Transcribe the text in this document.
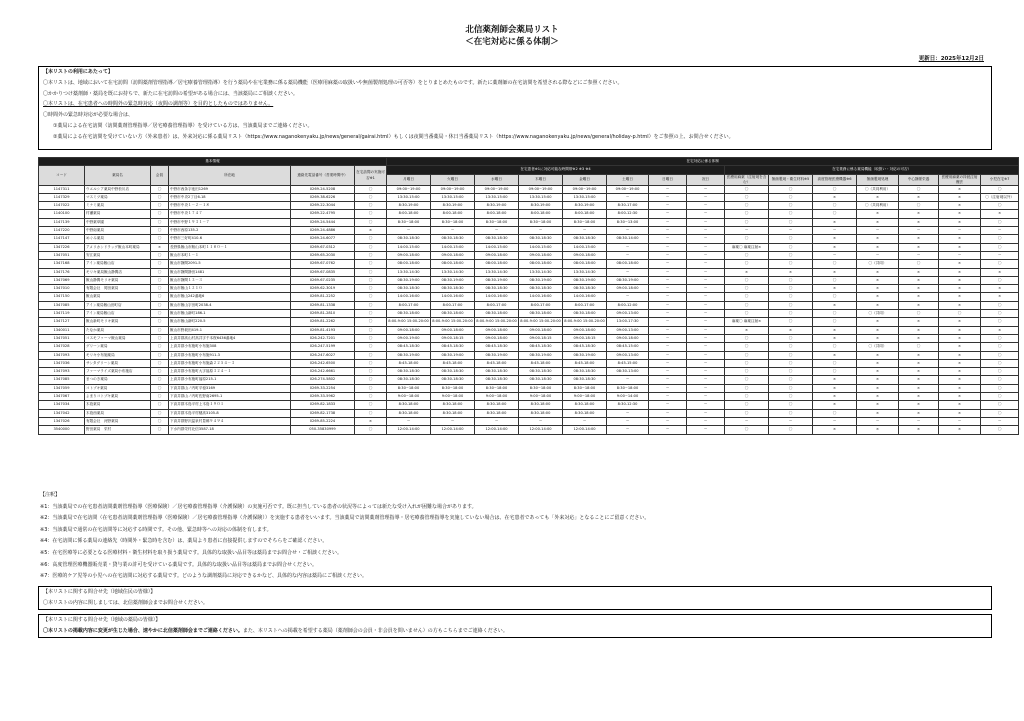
北信薬剤師会薬局リスト
＜在宅対応に係る体制＞
更新日：2025年12月2日
【本リストの利用にあたって】
〇本リストは、地域において在宅訪問（訪問薬剤管理指導／居宅療養管理指導）を行う薬局や在宅業務に係る薬局機能（医療用麻薬の取扱いや無菌製剤処理の可否等）をとりまとめたものです。新たに薬剤師の在宅訪問を希望される際などにご参照ください。
〇かかりつけ薬剤師・薬局を既にお持ちで、新たに在宅訪問の希望がある場合には、当該薬局にご相談ください。
〇本リストは、在宅患者への時間外の緊急時対応（夜間の調剤等）を目的としたものではありません。
〇時間外の緊急時対応が必要な場合は、
①薬局による在宅訪問（訪問薬剤管理指導／居宅療養管理指導）を受けている方は、当該薬局までご連絡ください。
②薬局による在宅訪問を受けていない方（外来患者）は、外来対応に係る薬局リスト（https://www.naganokenyaku.jp/news/general/gairai.html）もしくは夜間当番薬局・休日当番薬局リスト（https://www.naganokenyaku.jp/news/general/holiday-p.html）をご参照の上、お問合せください。
基本情報						在宅対応に係る体制														
コード	薬局名	会員	所在地	連絡先電話番号（営業時間中）	在宅訪問の実施可否※1	在宅患者※1に対応可能な時間帯※2 ※3 ※4								在宅業務に係る薬局機能（取扱い・対応の可否）						
						月曜日	火曜日	水曜日	木曜日	金曜日	土曜日	日曜日	祝日	医療用麻薬（注射剤を含む）	無菌製剤・衛生材料※5	高度管理医療機器※6	無菌製剤処理	中心静脈栄養	医療用麻薬の持続注射療法	小児在宅※7
1147311	ウエルシア薬局中野松川店	〇	中野市西条字池田1269	0269-24-5208	〇	09:00~19:00	09:00~19:00	09:00~19:00	09:00~19:00	09:00~19:00	09:00~19:00	ー	ー	〇	〇	〇	〇（共同利用）	〇	×	〇
1147329	マスミツ薬局	〇	中野市中央2丁目6-18	0269-38-6226	〇	13:30-15:00	13:30-15:00	13:30-15:00	13:30-15:00	13:30-15:00	ー	ー	ー	〇	〇	×	×	×	×	〇（注射剤以外）
1147022	ミナミ薬局	〇	中野市中央１－２－１８	0269-22-3044	〇	8:30-19:00	8:30-19:00	8:30-19:00	8:30-19:00	8:30-19:00	8:30-17:00	ー	ー	〇	〇	〇	〇（共同利用）	〇	×	〇
1140100	村瀬薬局	〇	中野市中央１７４７	0269-22-4795	〇	8:00-18:00	8:00-18:00	8:00-18:00	8:00-18:00	8:00-18:00	8:00-12:30	ー	ー	〇	〇	〇	×	×	×	×
1147139	中野薬草園	〇	中野市中野１９３１－７	0269-24-5444	〇	8:30~18:00	8:30~18:00	8:30~18:00	8:30~18:00	8:30~18:00	8:30~13:00	ー	ー	〇	〇	×	×	×	×	〇
1147220	中野南薬局	〇	中野市西原135-2	0269-24-4886	×	ー	ー	ー	ー	ー	ー	ー	ー	ー	ー	ー	ー	ー	ー	ー
1147147	めぐみ薬局	〇	中野市三好町410-6	0269-24-6077	〇	08:30-18:30	08:30-18:30	08:30-18:30	08:30-18:30	08:30-18:30	08:30-14:00	ー	ー	〇	〇	×	×	×	×	〇
1347226	アメリカンドラッグ飯山本町薬局	×	長野県飯山市飯山本町１１８０－１	0269-67-0312	〇	14:00-15:00	14:00-15:00	14:00-15:00	14:00-15:00	14:00-15:00	ー	ー	ー	麻薬〇 麻薬注射×	〇	×	×	×	×	〇
1347051	安江薬局	〇	飯山市本町１－１	0269-65-2030	〇	09:00-18:00	09:00-18:00	09:00-18:00	09:00-18:00	09:00-18:00	ー	ー	ー	〇	〇	ー	ー	ー	ー	ー
1347168	アイン薬局飯山店	〇	飯山市静間2091-5	0269-67-0762	〇	08:00-18:00	08:00-18:00	08:00-18:00	08:00-18:00	08:00-18:00	08:00-18:00	ー	ー	〇	〇	〇	〇（共同）	〇	×	〇
1347176	モリキ薬局飯山静間店	〇	飯山市静間静田1481	0269-67-0835	〇	13:30-14:30	13:30-14:30	13:30-14:30	13:30-14:30	13:30-14:30	ー	ー	ー	×	×	×	×	×	×	×
1347069	飯山静間モリキ薬局	〇	飯山市静間１３－３	0269-67-0235	〇	08:30-19:00	08:30-19:00	08:30-19:00	08:30-19:00	08:30-19:00	08:30-19:00	ー	ー	〇	〇	〇	×	×	×	〇
1347010	有限会社　岡田薬局	〇	飯山市飯山１２１０	0269-62-3019	〇	08:30-18:30	08:30-18:30	08:30-18:30	08:30-18:30	08:30-18:30	09:00-18:00	ー	ー	〇	〇	×	×	×	×	×
1347150	飯山薬局	〇	飯山市飯山242番地6	0269-81-2252	〇	14:00-16:00	14:00-16:00	14:00-16:00	14:00-16:00	14:00-16:00	ー	ー	ー	〇	〇	〇	×	×	×	×
1347085	アイン薬局飯山田町店	〇	飯山市飯山字田町2038-4	0269-81-1338	〇	8:00-17:00	8:00-17:00	8:00-17:00	8:00-17:00	8:00-17:00	8:00-12:00	ー	ー	〇	〇	×	×	×	×	〇
1347119	アイン薬局飯山店	〇	飯山市飯山新町186-1	0269-81-2810	〇	08:30-18:00	08:30-18:00	08:30-18:00	08:30-18:00	08:30-18:00	09:00-13:00	ー	ー	〇	〇	〇	〇（共同）	〇	〇	〇
1347127	飯山新町モリキ薬局	〇	飯山市飯山新町220-5	0269-81-2262	〇	8:00-9:00 15:00-20:00	8:00-9:00 15:00-20:00	8:00-9:00 15:00-20:00	8:00-9:00 15:00-20:00	8:00-9:00 15:00-20:00	13:00-17:30	ー	ー	麻薬〇 麻薬注射×	〇	〇	×	×	×	〇
1340011	たなか薬局	〇	飯山市野坂田419-1	0269-81-4193	〇	09:00-18:00	09:00-18:00	09:00-18:00	09:00-18:00	09:00-18:00	09:00-13:00	ー	ー	×	×	×	×	×	×	×
1347051	コスモファーマ飯山薬局	〇	上高井郡高山村高井字千本桜6436番地4	026-242-7201	〇	09:00-19:00	09:00-18:15	09:00-18:00	09:00-18:15	09:00-18:15	09:00-18:00	ー	ー	〇	〇	×	×	×	×	〇
1347028	グリーン薬局	〇	上高井郡小布施町小布施308	026-247-5199	〇	08:45-18:30	08:45-18:30	08:45-18:30	08:45-18:30	08:45-18:30	08:45-15:00	ー	ー	〇	〇	〇	〇（共同）	〇	×	〇
1347093	モリキ小布施薬局	〇	上高井郡小布施町小布施911-3	026-247-6027	〇	08:30-19:00	08:30-19:00	08:30-19:00	08:30-19:00	08:30-19:00	09:00-13:00	ー	ー	〇	〇	×	×	×	×	〇
1347036	サンタグリーン薬局	〇	上高井郡小布施町小布施森２２５４－３	026-242-6500	〇	8:45-18:00	8:45-18:00	8:45-18:00	8:45-18:00	8:45-18:00	8:45-15:00	ー	ー	〇	〇	〇	×	×	×	〇
1347093	ファーマライズ薬局小布施店	〇	上高井郡小布施町大字福原３２４－１	026-242-6661	〇	08:30-18:30	08:30-18:30	08:30-18:30	08:30-18:30	08:30-18:30	08:30-13:00	ー	ー	〇	〇	〇	×	×	×	〇
1347085	まつのき薬局	〇	上高井郡小布施町福原215-1	026-274-5802	〇	08:30-18:30	08:30-18:30	08:30-18:30	08:30-18:30	08:30-18:30	ー	ー	ー	〇	〇	×	×	×	×	〇
1347059	コトブキ薬局	〇	下高井郡山ノ内町平穏3169	0269-33-2254	〇	8:30~18:00	8:30~18:00	8:30~18:00	8:30~18:00	8:30~18:00	8:30~18:00	ー	ー	〇	〇	×	×	×	×	〇
1347067	よまりコトブキ薬局	〇	下高井郡山ノ内町佐野南2695-1	0269-33-5962	〇	9:00~18:00	9:00~18:00	9:00~18:00	9:00~18:00	9:00~18:00	9:00~14:00	ー	ー	〇	〇	×	×	×	×	〇
1347034	木島薬局	〇	下高井郡木島平村上木島１９０１	0269-82-1833	〇	8:30-18:00	8:30-18:00	8:30-18:00	8:30-18:00	8:30-18:00	8:30-12:30	ー	ー	〇	〇	×	×	×	×	〇
1347042	木島西薬局	〇	下高井郡木島平村穂高3105-8	0269-82-1738	〇	8:30-18:00	8:30-18:00	8:30-18:00	8:30-18:00	8:30-18:00	ー	ー	ー	〇	〇	〇	×	×	×	〇
1347026	有限会社　河野薬局	〇	下高井郡野沢温泉村豊郷９４９４	0269-85-2224	×	ー	ー	ー	ー	ー	ー	ー	ー	ー	ー	ー	ー	ー	ー	ー
3540000	野田薬局　栄村	〇	下水内郡栄村北信3587-18	050-35830999	〇	12:00-14:00	12:00-14:00	12:00-14:00	12:00-14:00	12:00-14:00	ー	ー	ー	〇	〇	×	×	×	×	〇
【注釈】
※1：当該薬局での在宅患者訪問薬剤管理指導（医療保険）／居宅療養管理指導（介護保険）の実施可否です。既に担当している患者の状況等によっては新たな受け入れが困難な場合があります。
※2：当該薬局で在宅訪問（在宅患者訪問薬剤管理指導（医療保険）／居宅療養管理指導（介護保険））を実施する患者をいいます。当該薬局で訪問薬剤管理指導・居宅療養管理指導を実施していない場合は、在宅患者であっても「外来対応」となることにご留意ください。
※3：当該薬局で通常の在宅訪問等に対応する時間です。その他、緊急時等への対応の体制を有します。
※4：在宅訪問に係る薬局の連絡先（時間外・緊急時を含む）は、薬局より患者に直接提供しますのでそちらをご確認ください。
※5：在宅医療等に必要となる医療材料・衛生材料を取り扱う薬局です。具体的な取扱い品目等は薬局までお問合せ・ご相談ください。
※6：高度管理医療機器販売業・貸与業の許可を受けている薬局です。具体的な取扱い品目等は薬局までお問合せください。
※7：医療的ケア児等の小児への在宅訪問に対応する薬局です。どのような調剤薬局に対応できるかなど、具体的な内容は薬局にご相談ください。
【本リストに関する問合せ先（地域住民の皆様）】
〇本リストの内容に関しましては、北信薬剤師会までお問合せください。
【本リストに関する問合せ先（地域の薬局の皆様）】
〇本リストの掲載内容に変更が生じた場合、速やかに北信薬剤師会までご連絡ください。また、本リストへの掲載を希望する薬局（薬剤師会の会員・非会員を問いません）の方もこちらまでご連絡ください。
